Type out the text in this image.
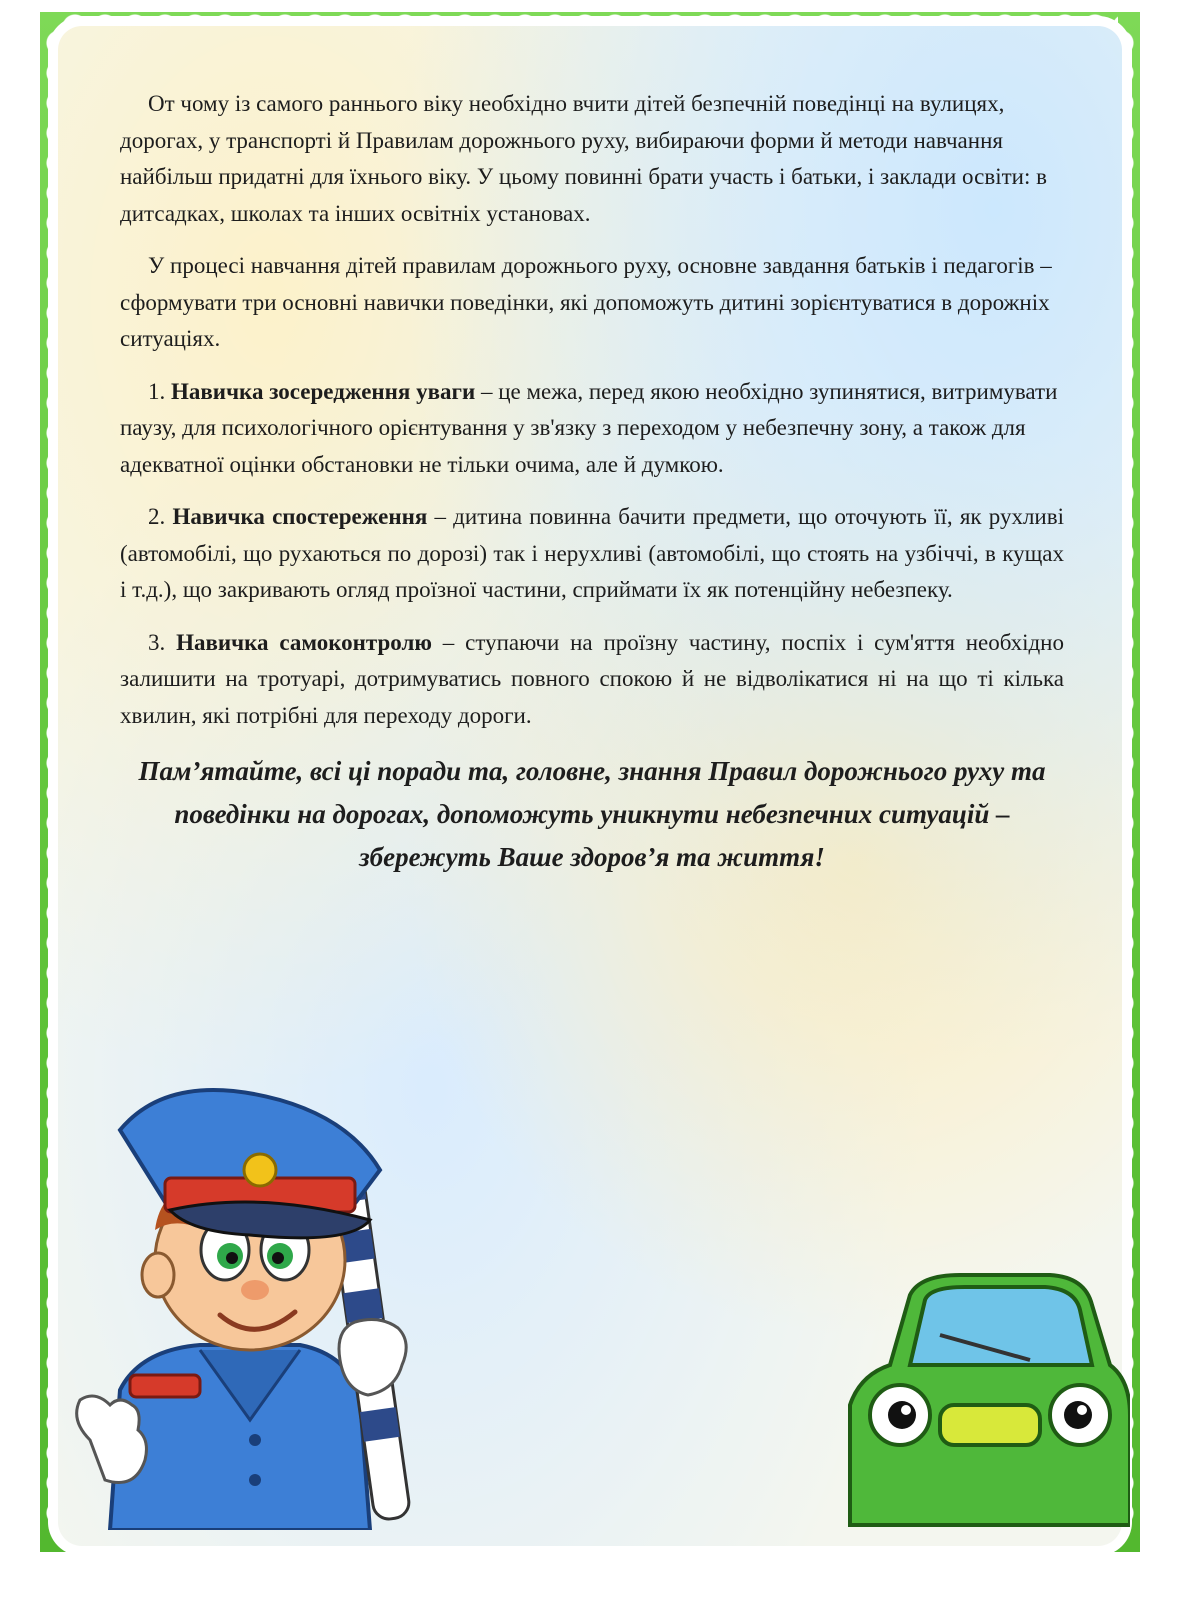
От чому із самого раннього віку необхідно вчити дітей безпечній поведінці на вулицях, дорогах, у транспорті й Правилам дорожнього руху, вибираючи форми й методи навчання найбільш придатні для їхнього віку. У цьому повинні брати участь і батьки, і заклади освіти: в дитсадках, школах та інших освітніх установах.

У процесі навчання дітей правилам дорожнього руху, основне завдання батьків і педагогів – сформувати три основні навички поведінки, які допоможуть дитині зорієнтуватися в дорожніх ситуаціях.

1. Навичка зосередження уваги – це межа, перед якою необхідно зупинятися, витримувати паузу, для психологічного орієнтування у зв'язку з переходом у небезпечну зону, а також для адекватної оцінки обстановки не тільки очима, але й думкою.

2. Навичка спостереження – дитина повинна бачити предмети, що оточують її, як рухливі (автомобілі, що рухаються по дорозі) так і нерухливі (автомобілі, що стоять на узбіччі, в кущах і т.д.), що закривають огляд проїзної частини, сприймати їх як потенційну небезпеку.

3. Навичка самоконтролю – ступаючи на проїзну частину, поспіх і сум'яття необхідно залишити на тротуарі, дотримуватись повного спокою й не відволікатися ні на що ті кілька хвилин, які потрібні для переходу дороги.

Пам’ятайте, всі ці поради та, головне, знання Правил дорожнього руху та поведінки на дорогах, допоможуть уникнути небезпечних ситуацій – збережуть Ваше здоров’я та життя!
